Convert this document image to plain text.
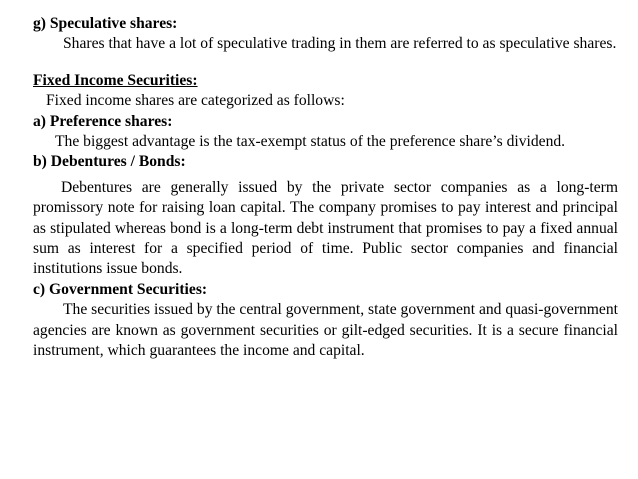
g) Speculative shares:

Shares that have a lot of speculative trading in them are referred to as speculative shares.

Fixed Income Securities:

Fixed income shares are categorized as follows:

a) Preference shares:

The biggest advantage is the tax-exempt status of the preference share’s dividend.

b) Debentures / Bonds:

Debentures are generally issued by the private sector companies as a long-term promissory note for raising loan capital. The company promises to pay interest and principal as stipulated whereas bond is a long-term debt instrument that promises to pay a fixed annual sum as interest for a specified period of time. Public sector companies and financial institutions issue bonds.

c) Government Securities:

The securities issued by the central government, state government and quasi-government agencies are known as government securities or gilt-edged securities. It is a secure financial instrument, which guarantees the income and capital.
